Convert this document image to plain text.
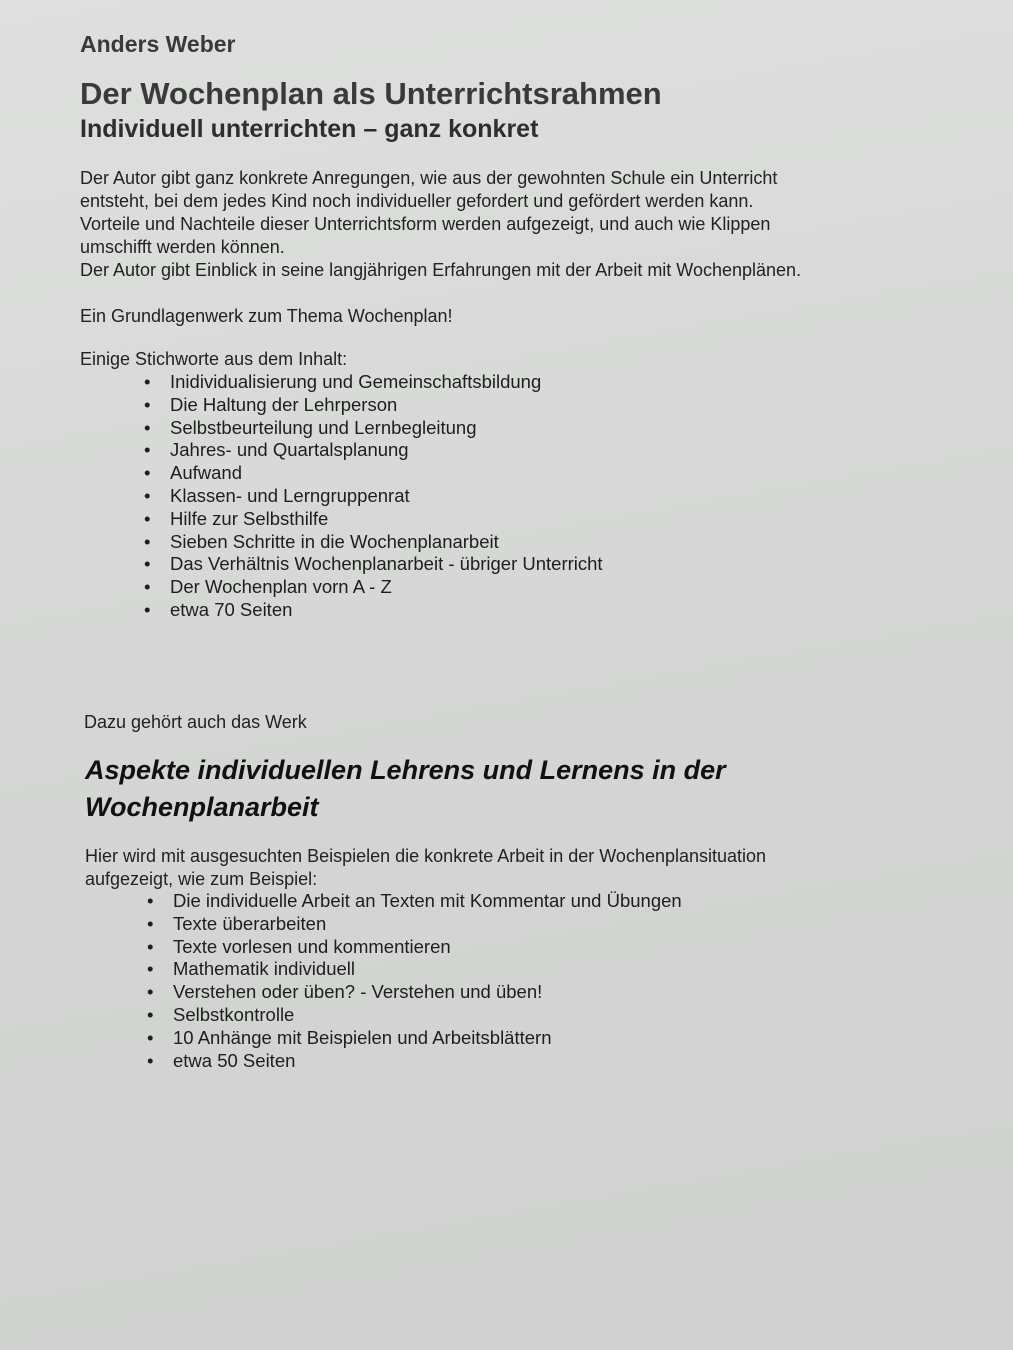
Anders Weber
Der Wochenplan als Unterrichtsrahmen
Individuell unterrichten – ganz konkret

Der Autor gibt ganz konkrete Anregungen, wie aus der gewohnten Schule ein Unterricht

entsteht, bei dem jedes Kind noch individueller gefordert und gefördert werden kann.

Vorteile und Nachteile dieser Unterrichtsform werden aufgezeigt, und auch wie Klippen

umschifft werden können.

Der Autor gibt Einblick in seine langjährigen Erfahrungen mit der Arbeit mit Wochenplänen.

Ein Grundlagenwerk zum Thema Wochenplan!

Einige Stichworte aus dem Inhalt:

• Inidividualisierung und Gemeinschaftsbildung
• Die Haltung der Lehrperson
• Selbstbeurteilung und Lernbegleitung
• Jahres- und Quartalsplanung
• Aufwand
• Klassen- und Lerngruppenrat
• Hilfe zur Selbsthilfe
• Sieben Schritte in die Wochenplanarbeit
• Das Verhältnis Wochenplanarbeit - übriger Unterricht
• Der Wochenplan vorn A - Z
• etwa 70 Seiten

Dazu gehört auch das Werk

Aspekte individuellen Lehrens und Lernens in der
Wochenplanarbeit

Hier wird mit ausgesuchten Beispielen die konkrete Arbeit in der Wochenplansituation

aufgezeigt, wie zum Beispiel:

• Die individuelle Arbeit an Texten mit Kommentar und Übungen
• Texte überarbeiten
• Texte vorlesen und kommentieren
• Mathematik individuell
• Verstehen oder üben? - Verstehen und üben!
• Selbstkontrolle
• 10 Anhänge mit Beispielen und Arbeitsblättern
• etwa 50 Seiten
